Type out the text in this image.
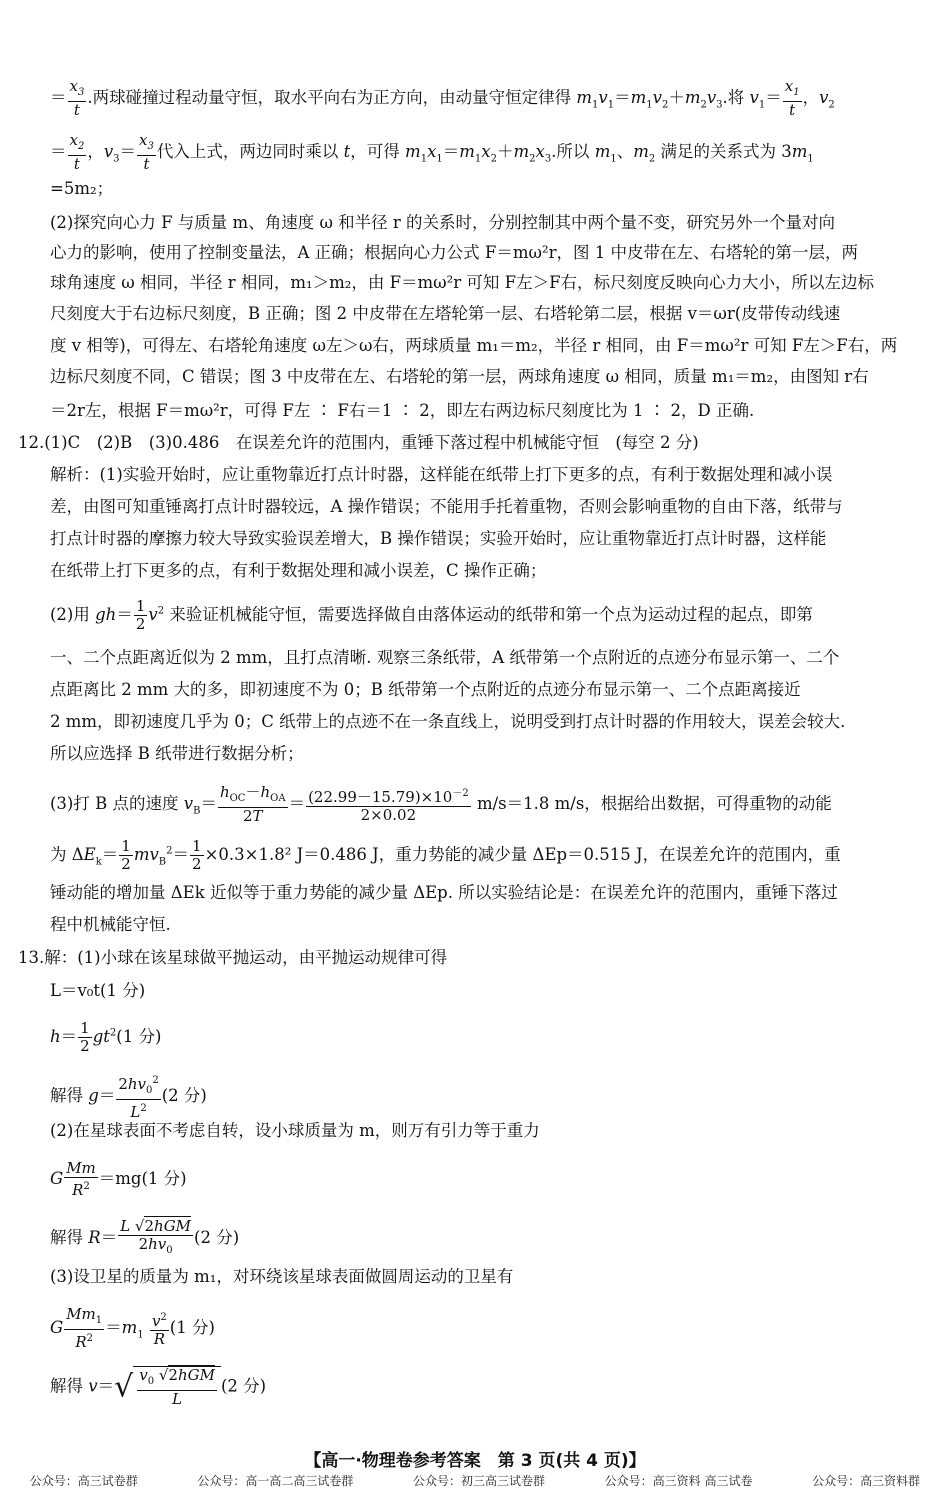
＝ $\frac{x_3}{t}$ .两球碰撞过程动量守恒，取水平向右为正方向，由动量守恒定律得 $m_1v_1=m_1v_2+m_2v_3$.将 $v_1= \frac{x_1}{t}$ ，$v_2$
＝ $\frac{x_2}{t}$ ，$v_3= \frac{x_3}{t}$ 代入上式，两边同时乘以 t，可得 $m_1x_1=m_1x_2+m_2x_3$.所以 $m_1$、$m_2$ 满足的关系式为 $3m_1$
=5m₂；
(2)探究向心力 F 与质量 m、角速度 ω 和半径 r 的关系时，分别控制其中两个量不变，研究另外一个量对向
心力的影响，使用了控制变量法，A 正确；根据向心力公式 F＝mω²r，图 1 中皮带在左、右塔轮的第一层，两
球角速度 ω 相同，半径 r 相同，m₁＞m₂，由 F＝mω²r 可知 F左＞F右，标尺刻度反映向心力大小，所以左边标
尺刻度大于右边标尺刻度，B 正确；图 2 中皮带在左塔轮第一层、右塔轮第二层，根据 v＝ωr(皮带传动线速
度 v 相等)，可得左、右塔轮角速度 ω左＞ω右，两球质量 m₁＝m₂，半径 r 相同，由 F＝mω²r 可知 F左＞F右，两
边标尺刻度不同，C 错误；图 3 中皮带在左、右塔轮的第一层，两球角速度 ω 相同，质量 m₁＝m₂，由图知 r右
＝2r左，根据 F＝mω²r，可得 F左 ∶ F右＝1 ∶ 2，即左右两边标尺刻度比为 1 ∶ 2，D 正确.
12.(1)C　(2)B　(3)0.486　在误差允许的范围内，重锤下落过程中机械能守恒　(每空 2 分)
解析：(1)实验开始时，应让重物靠近打点计时器，这样能在纸带上打下更多的点，有利于数据处理和减小误
差，由图可知重锤离打点计时器较远，A 操作错误；不能用手托着重物，否则会影响重物的自由下落，纸带与
打点计时器的摩擦力较大导致实验误差增大，B 操作错误；实验开始时，应让重物靠近打点计时器，这样能
在纸带上打下更多的点，有利于数据处理和减小误差，C 操作正确；
(2)用 $gh= \frac{1}{2} v^2$ 来验证机械能守恒，需要选择做自由落体运动的纸带和第一个点为运动过程的起点，即第
一、二个点距离近似为 2 mm，且打点清晰. 观察三条纸带，A 纸带第一个点附近的点迹分布显示第一、二个
点距离比 2 mm 大的多，即初速度不为 0；B 纸带第一个点附近的点迹分布显示第一、二个点距离接近
2 mm，即初速度几乎为 0；C 纸带上的点迹不在一条直线上，说明受到打点计时器的作用较大，误差会较大.
所以应选择 B 纸带进行数据分析；
(3)打 B 点的速度 $v_B=$
$h_{OC}-h_{OA}$
2T
＝ $\frac{(22.99-15.79)\times 10^{-2}}{2\times 0.02} m/s=1.8$ m/s，根据给出数据，可得重物的动能
为 $\Delta E_k= \frac{1}{2} mv_B^2= \frac{1}{2} \times 0.3\times 1.8^2$ J＝0.486 J，重力势能的减少量 ΔEp＝0.515 J，在误差允许的范围内，重
锤动能的增加量 ΔEk 近似等于重力势能的减少量 ΔEp. 所以实验结论是：在误差允许的范围内，重锤下落过
程中机械能守恒.
13.解：(1)小球在该星球做平抛运动，由平抛运动规律可得
L＝v₀t(1 分)
$h= \frac{1}{2} gt^2(1$ 分)
解得 $g= \frac{2hv_0^2}{L^2} (2$ 分)
(2)在星球表面不考虑自转，设小球质量为 m，则万有引力等于重力
G $\frac{Mm}{R^2} =mg(1$ 分)
解得 R＝
L √2hGM
$2hv_0$
(2 分)
(3)设卫星的质量为 m₁，对环绕该星球表面做圆周运动的卫星有
G $\frac{Mm_1}{R^2} =m_1 \frac{v^2}{R} (1$ 分)
解得 v＝√ $v_0$ √2hGM
L
(2 分)
【高一·物理卷参考答案　第 3 页(共 4 页)】
公众号：高三试卷群	公众号：高一高二高三试卷群	公众号：初三高三试卷群	公众号：高三资料 高三试卷	公众号：高三资料群
